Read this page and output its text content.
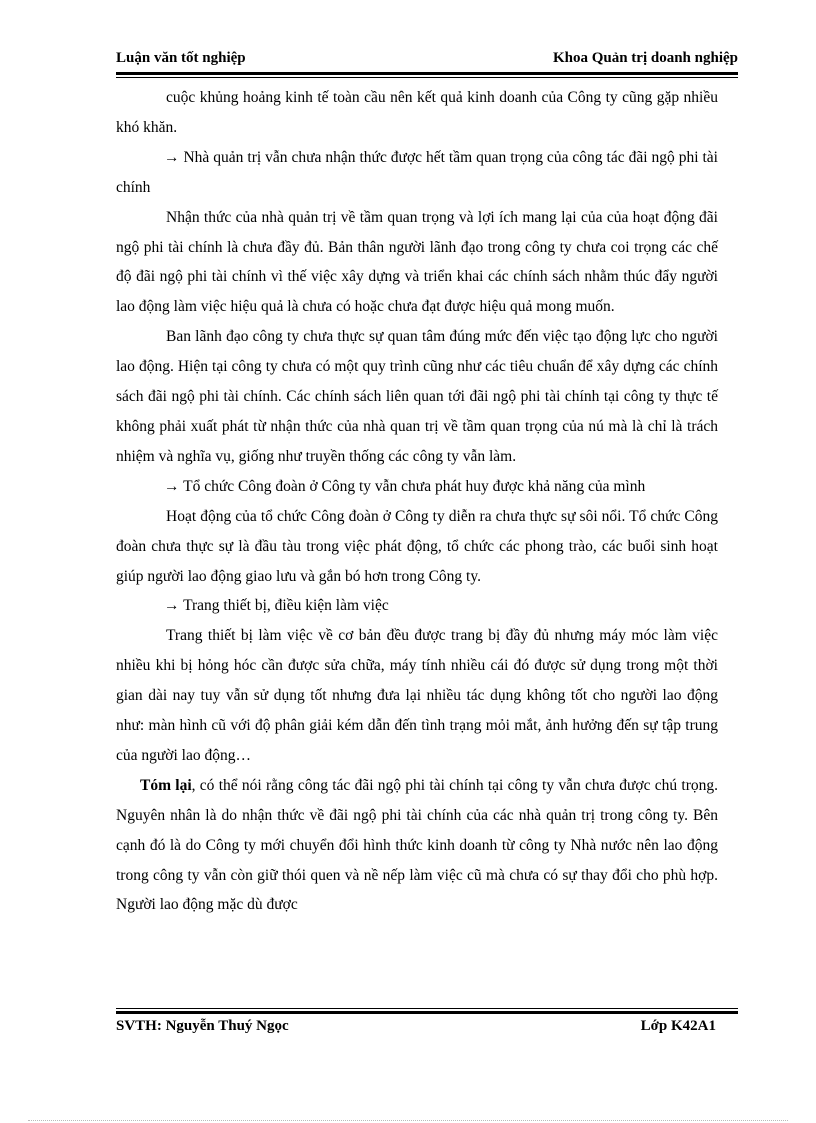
Luận văn tốt nghiệp	Khoa Quản trị doanh nghiệp

cuộc khủng hoảng kinh tế toàn cầu nên kết quả kinh doanh của Công ty cũng gặp nhiều khó khăn.

→ Nhà quản trị vẫn chưa nhận thức được hết tầm quan trọng của công tác đãi ngộ phi tài chính

Nhận thức của nhà quản trị về tầm quan trọng và lợi ích mang lại của của hoạt động đãi ngộ phi tài chính là chưa đầy đủ. Bản thân người lãnh đạo trong công ty chưa coi trọng các chế độ đãi ngộ phi tài chính vì thế việc xây dựng và triển khai các chính sách nhằm thúc đẩy người lao động làm việc hiệu quả là chưa có hoặc chưa đạt được hiệu quả mong muốn.

Ban lãnh đạo công ty chưa thực sự quan tâm đúng mức đến việc tạo động lực cho người lao động. Hiện tại công ty chưa có một quy trình cũng như các tiêu chuẩn để xây dựng các chính sách đãi ngộ phi tài chính. Các chính sách liên quan tới đãi ngộ phi tài chính tại công ty thực tế không phải xuất phát từ nhận thức của nhà quan trị về tầm quan trọng của nú mà là chỉ là trách nhiệm và nghĩa vụ, giống như truyền thống các công ty vẫn làm.

→ Tổ chức Công đoàn ở Công ty vẫn chưa phát huy được khả năng của mình

Hoạt động của tổ chức Công đoàn ở Công ty diễn ra chưa thực sự sôi nổi. Tổ chức Công đoàn chưa thực sự là đầu tàu trong việc phát động, tổ chức các phong trào, các buổi sinh hoạt giúp người lao động giao lưu và gắn bó hơn trong Công ty.

→ Trang thiết bị, điều kiện làm việc

Trang thiết bị làm việc về cơ bản đều được trang bị đầy đủ nhưng máy móc làm việc nhiều khi bị hỏng hóc cần được sửa chữa, máy tính nhiều cái đó được sử dụng trong một thời gian dài nay tuy vẫn sử dụng tốt nhưng đưa lại nhiều tác dụng không tốt cho người lao động như: màn hình cũ với độ phân giải kém dẫn đến tình trạng mỏi mắt, ảnh hưởng đến sự tập trung của người lao động…

Tóm lại, có thể nói rằng công tác đãi ngộ phi tài chính tại công ty vẫn chưa được chú trọng. Nguyên nhân là do nhận thức về đãi ngộ phi tài chính của các nhà quản trị trong công ty. Bên cạnh đó là do Công ty mới chuyển đổi hình thức kinh doanh từ công ty Nhà nước nên lao động trong công ty vẫn còn giữ thói quen và nề nếp làm việc cũ mà chưa có sự thay đổi cho phù hợp. Người lao động mặc dù được

SVTH: Nguyễn Thuý Ngọc	Lớp K42A1
